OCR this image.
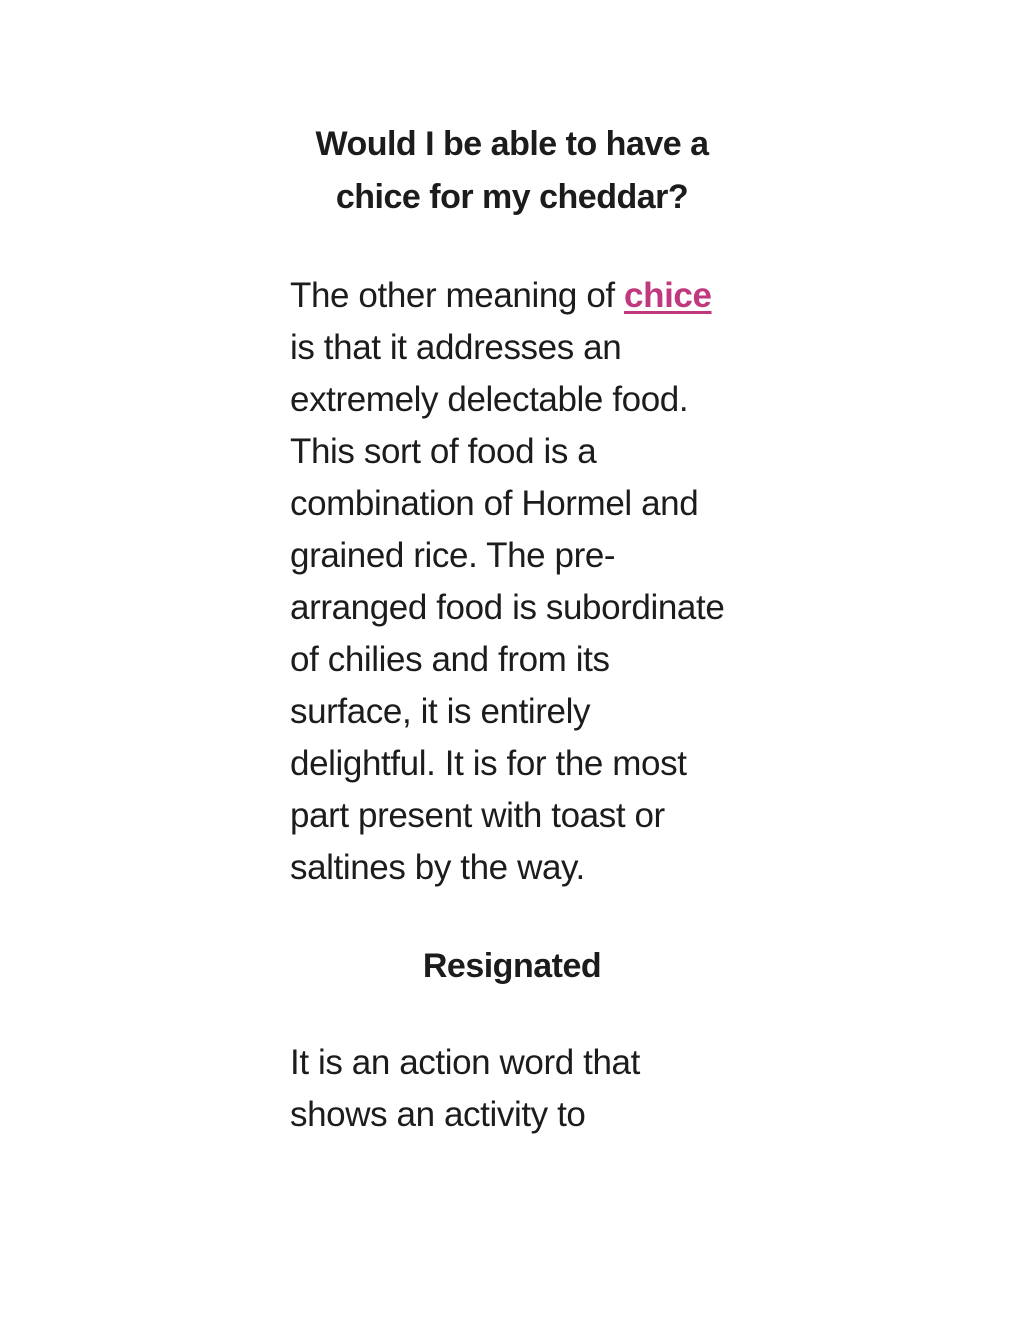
Would I be able to have a chice for my cheddar?

The other meaning of chice is that it addresses an extremely delectable food. This sort of food is a combination of Hormel and grained rice. The pre-arranged food is subordinate of chilies and from its surface, it is entirely delightful. It is for the most part present with toast or saltines by the way.

Resignated

It is an action word that shows an activity to
